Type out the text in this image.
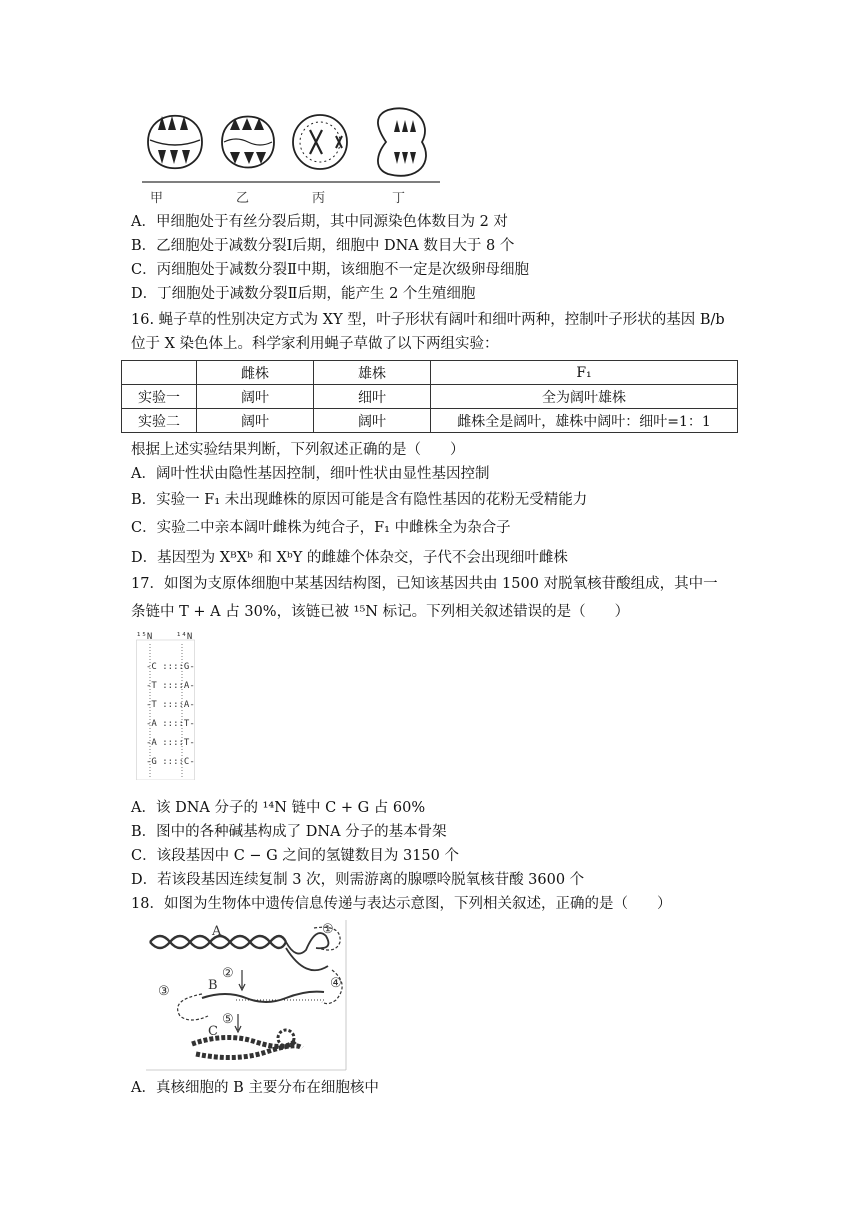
甲	乙	丙	丁
A．甲细胞处于有丝分裂后期，其中同源染色体数目为 2 对
B．乙细胞处于减数分裂Ⅰ后期，细胞中 DNA 数目大于 8 个
C．丙细胞处于减数分裂Ⅱ中期，该细胞不一定是次级卵母细胞
D．丁细胞处于减数分裂Ⅱ后期，能产生 2 个生殖细胞
16. 蝇子草的性别决定方式为 XY 型，叶子形状有阔叶和细叶两种，控制叶子形状的基因 B/b
位于 X 染色体上。科学家利用蝇子草做了以下两组实验：
	雌株	雄株	F₁
实验一	阔叶	细叶	全为阔叶雄株
实验二	阔叶	阔叶	雌株全是阔叶，雄株中阔叶：细叶=1：1
根据上述实验结果判断，下列叙述正确的是（　　）
A．阔叶性状由隐性基因控制，细叶性状由显性基因控制
B．实验一 F₁ 未出现雌株的原因可能是含有隐性基因的花粉无受精能力
C．实验二中亲本阔叶雌株为纯合子，F₁ 中雌株全为杂合子
D．基因型为 XᴮXᵇ 和 XᵇY 的雌雄个体杂交，子代不会出现细叶雌株
17．如图为支原体细胞中某基因结构图，已知该基因共由 1500 对脱氧核苷酸组成，其中一
条链中 T + A 占 30%，该链已被 ¹⁵N 标记。下列相关叙述错误的是（　　）
¹⁵N	¹⁴N
-C ::::G-
-T ::::A-
-T ::::A-
-A ::::T-
-A ::::T-
-G ::::C-
A．该 DNA 分子的 ¹⁴N 链中 C + G 占 60%
B．图中的各种碱基构成了 DNA 分子的基本骨架
C．该段基因中 C − G 之间的氢键数目为 3150 个
D．若该段基因连续复制 3 次，则需游离的腺嘌呤脱氧核苷酸 3600 个
18．如图为生物体中遗传信息传递与表达示意图，下列相关叙述，正确的是（　　）
A
B
C
①
②
③
④
⑤
A．真核细胞的 B 主要分布在细胞核中
